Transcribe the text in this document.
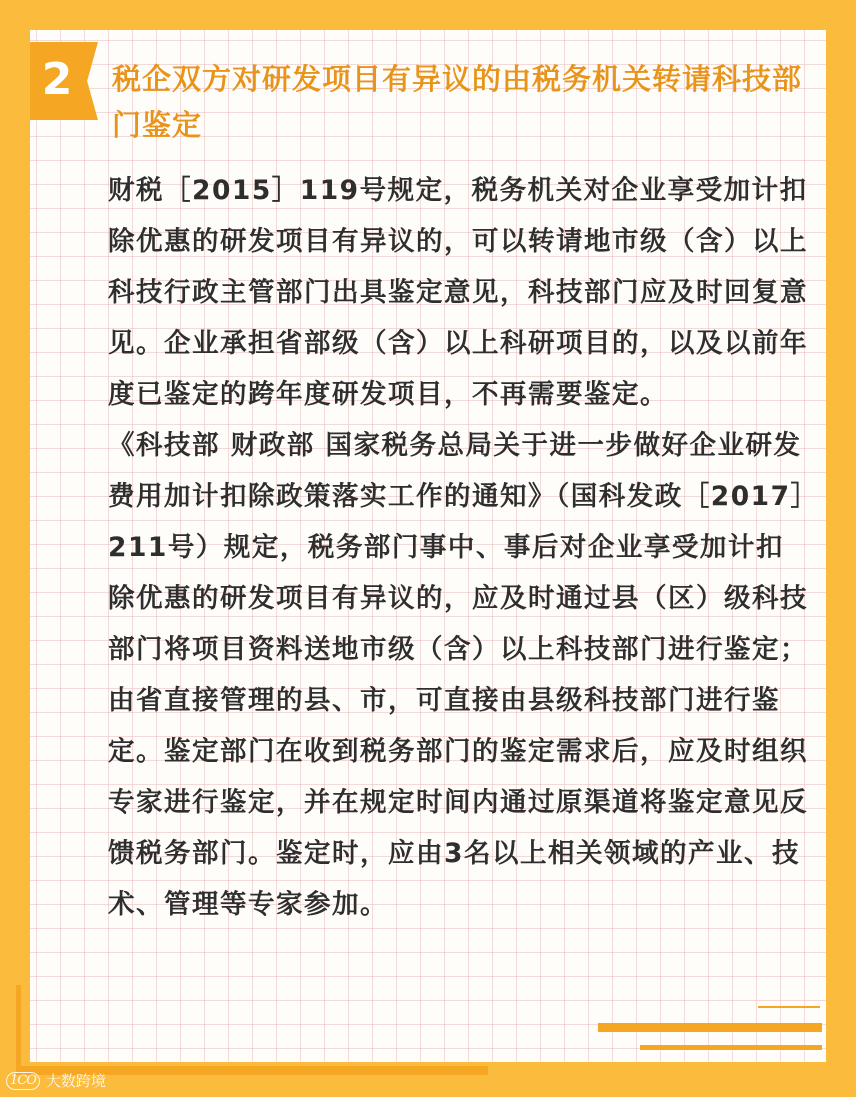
2 税企双方对研发项目有异议的由税务机关转请科技部门鉴定

财税［2015］119号规定，税务机关对企业享受加计扣除优惠的研发项目有异议的，可以转请地市级（含）以上科技行政主管部门出具鉴定意见，科技部门应及时回复意见。企业承担省部级（含）以上科研项目的，以及以前年度已鉴定的跨年度研发项目，不再需要鉴定。

《科技部 财政部 国家税务总局关于进一步做好企业研发费用加计扣除政策落实工作的通知》（国科发政［2017］211号）规定，税务部门事中、事后对企业享受加计扣除优惠的研发项目有异议的，应及时通过县（区）级科技部门将项目资料送地市级（含）以上科技部门进行鉴定；由省直接管理的县、市，可直接由县级科技部门进行鉴定。鉴定部门在收到税务部门的鉴定需求后，应及时组织专家进行鉴定，并在规定时间内通过原渠道将鉴定意见反馈税务部门。鉴定时，应由3名以上相关领域的产业、技术、管理等专家参加。

1CO 大数跨境
